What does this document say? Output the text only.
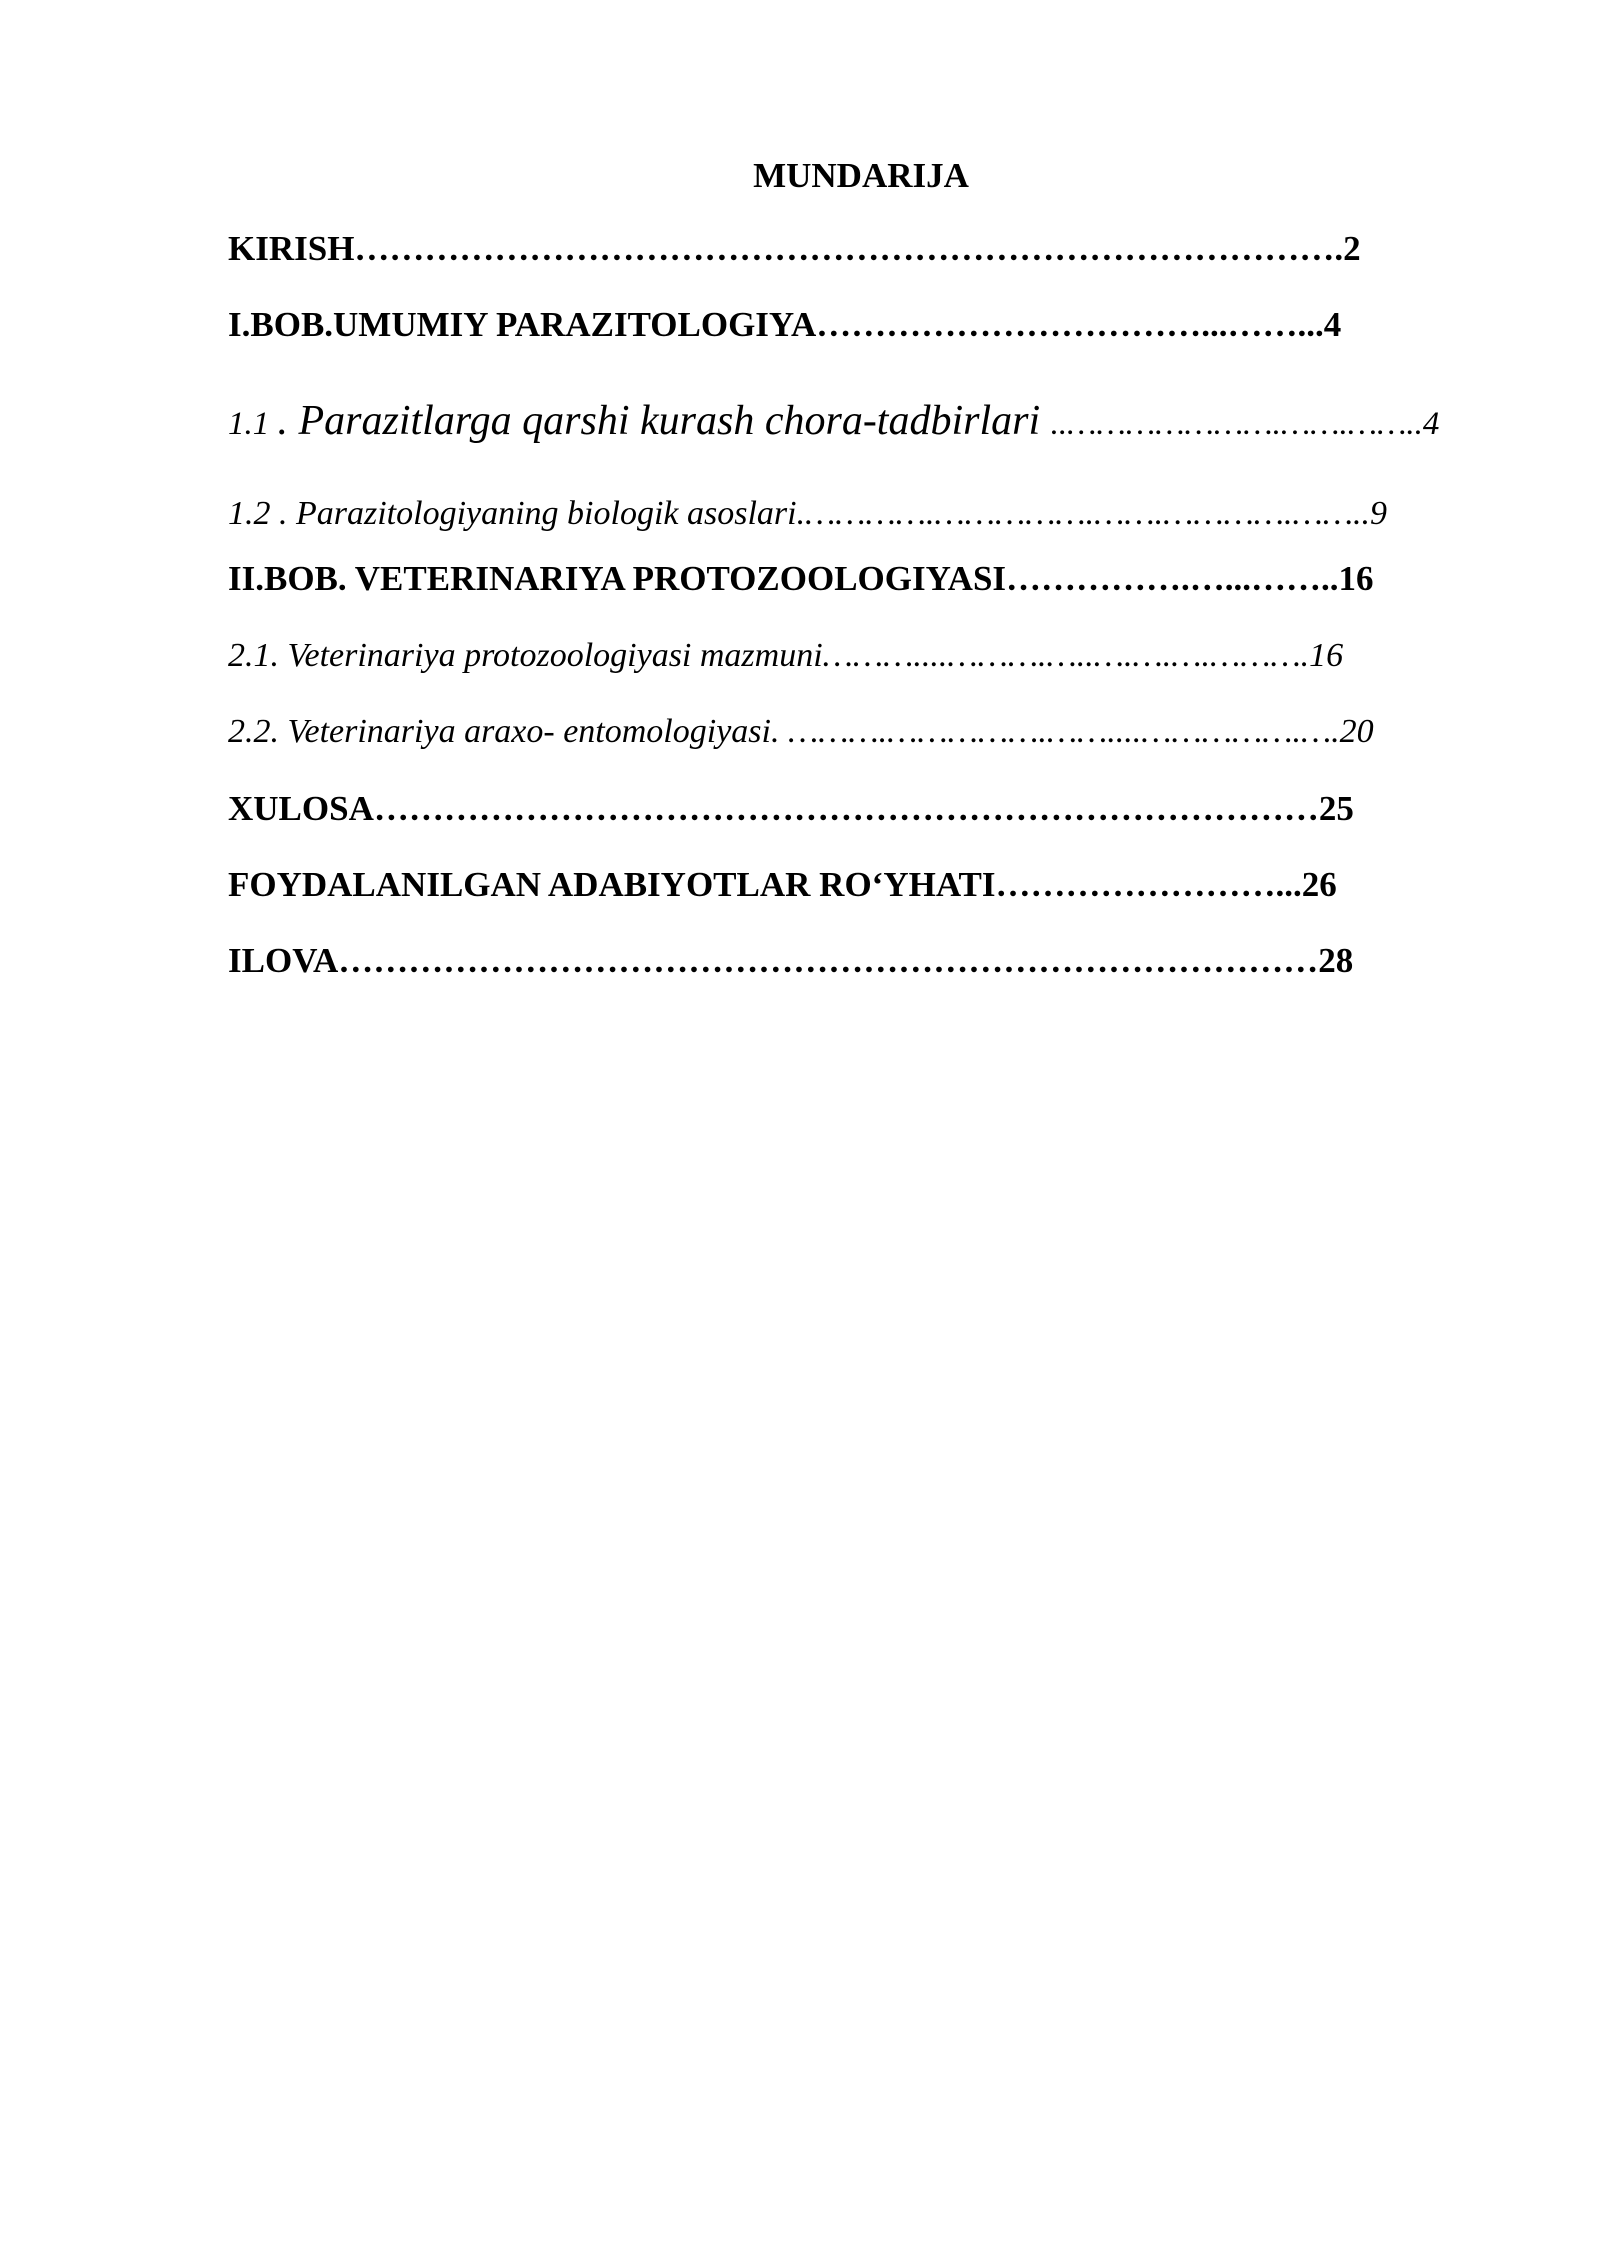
MUNDARIJA
KIRISH………………………………………………………………………….2
I.BOB.UMUMIY PARAZITOLOGIYA……………………………...……...4
1.1 . Parazitlarga qarshi kurash chora-tadbirlari ..………………….…….……..4
1.2 . Parazitologiyaning biologik asoslari.………….…………….…….………….……..9
II.BOB. VETERINARIYA PROTOZOOLOGIYASI…………….…...……..16
2.1. Veterinariya protozoologiyasi mazmuni………....……….…..….….….……….16
2.2. Veterinariya araxo- entomologiyasi. ……….…………….……....…………….….20
XULOSA………………………………………………………………………25
FOYDALANILGAN ADABIYOTLAR RO‘YHATI……………………...26
ILOVA…………………………………………………………………………28
